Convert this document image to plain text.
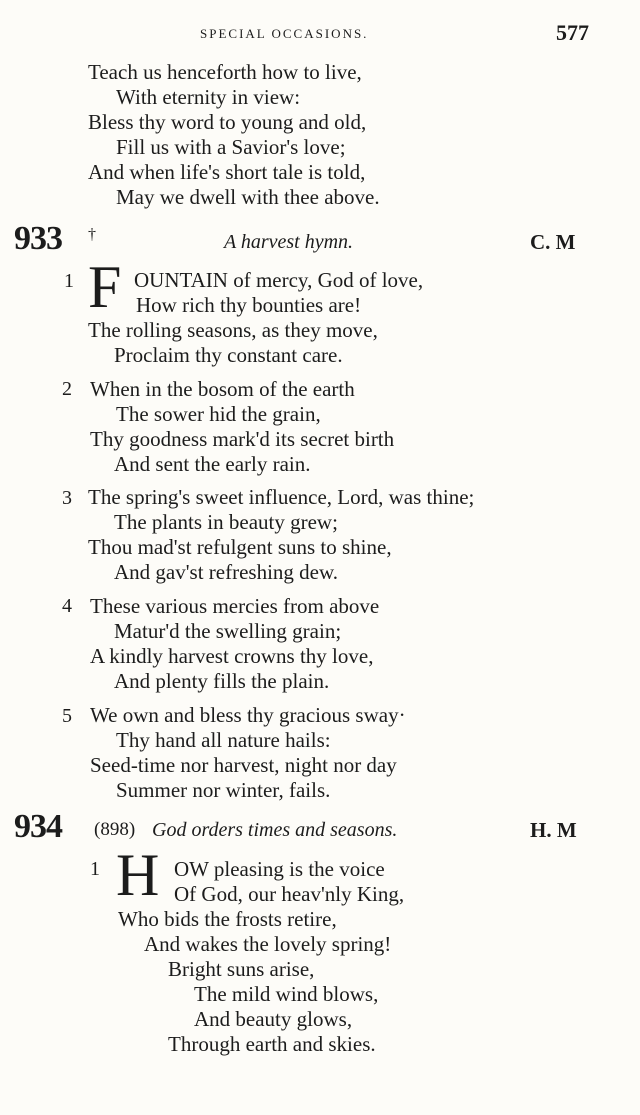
SPECIAL OCCASIONS.	577
Teach us henceforth how to live,
With eternity in view:
Bless thy word to young and old,
Fill us with a Savior's love;
And when life's short tale is told,
May we dwell with thee above.
933 †	A harvest hymn.	C. M
1 F OUNTAIN of mercy, God of love,
How rich thy bounties are!
The rolling seasons, as they move,
Proclaim thy constant care.
2 When in the bosom of the earth
The sower hid the grain,
Thy goodness mark'd its secret birth
And sent the early rain.
3 The spring's sweet influence, Lord, was thine;
The plants in beauty grew;
Thou mad'st refulgent suns to shine,
And gav'st refreshing dew.
4 These various mercies from above
Matur'd the swelling grain;
A kindly harvest crowns thy love,
And plenty fills the plain.
5 We own and bless thy gracious sway·
Thy hand all nature hails:
Seed-time nor harvest, night nor day
Summer nor winter, fails.
934 (898) God orders times and seasons.	H. M
1 H OW pleasing is the voice
Of God, our heav'nly King,
Who bids the frosts retire,
And wakes the lovely spring!
Bright suns arise,
The mild wind blows,
And beauty glows,
Through earth and skies.
